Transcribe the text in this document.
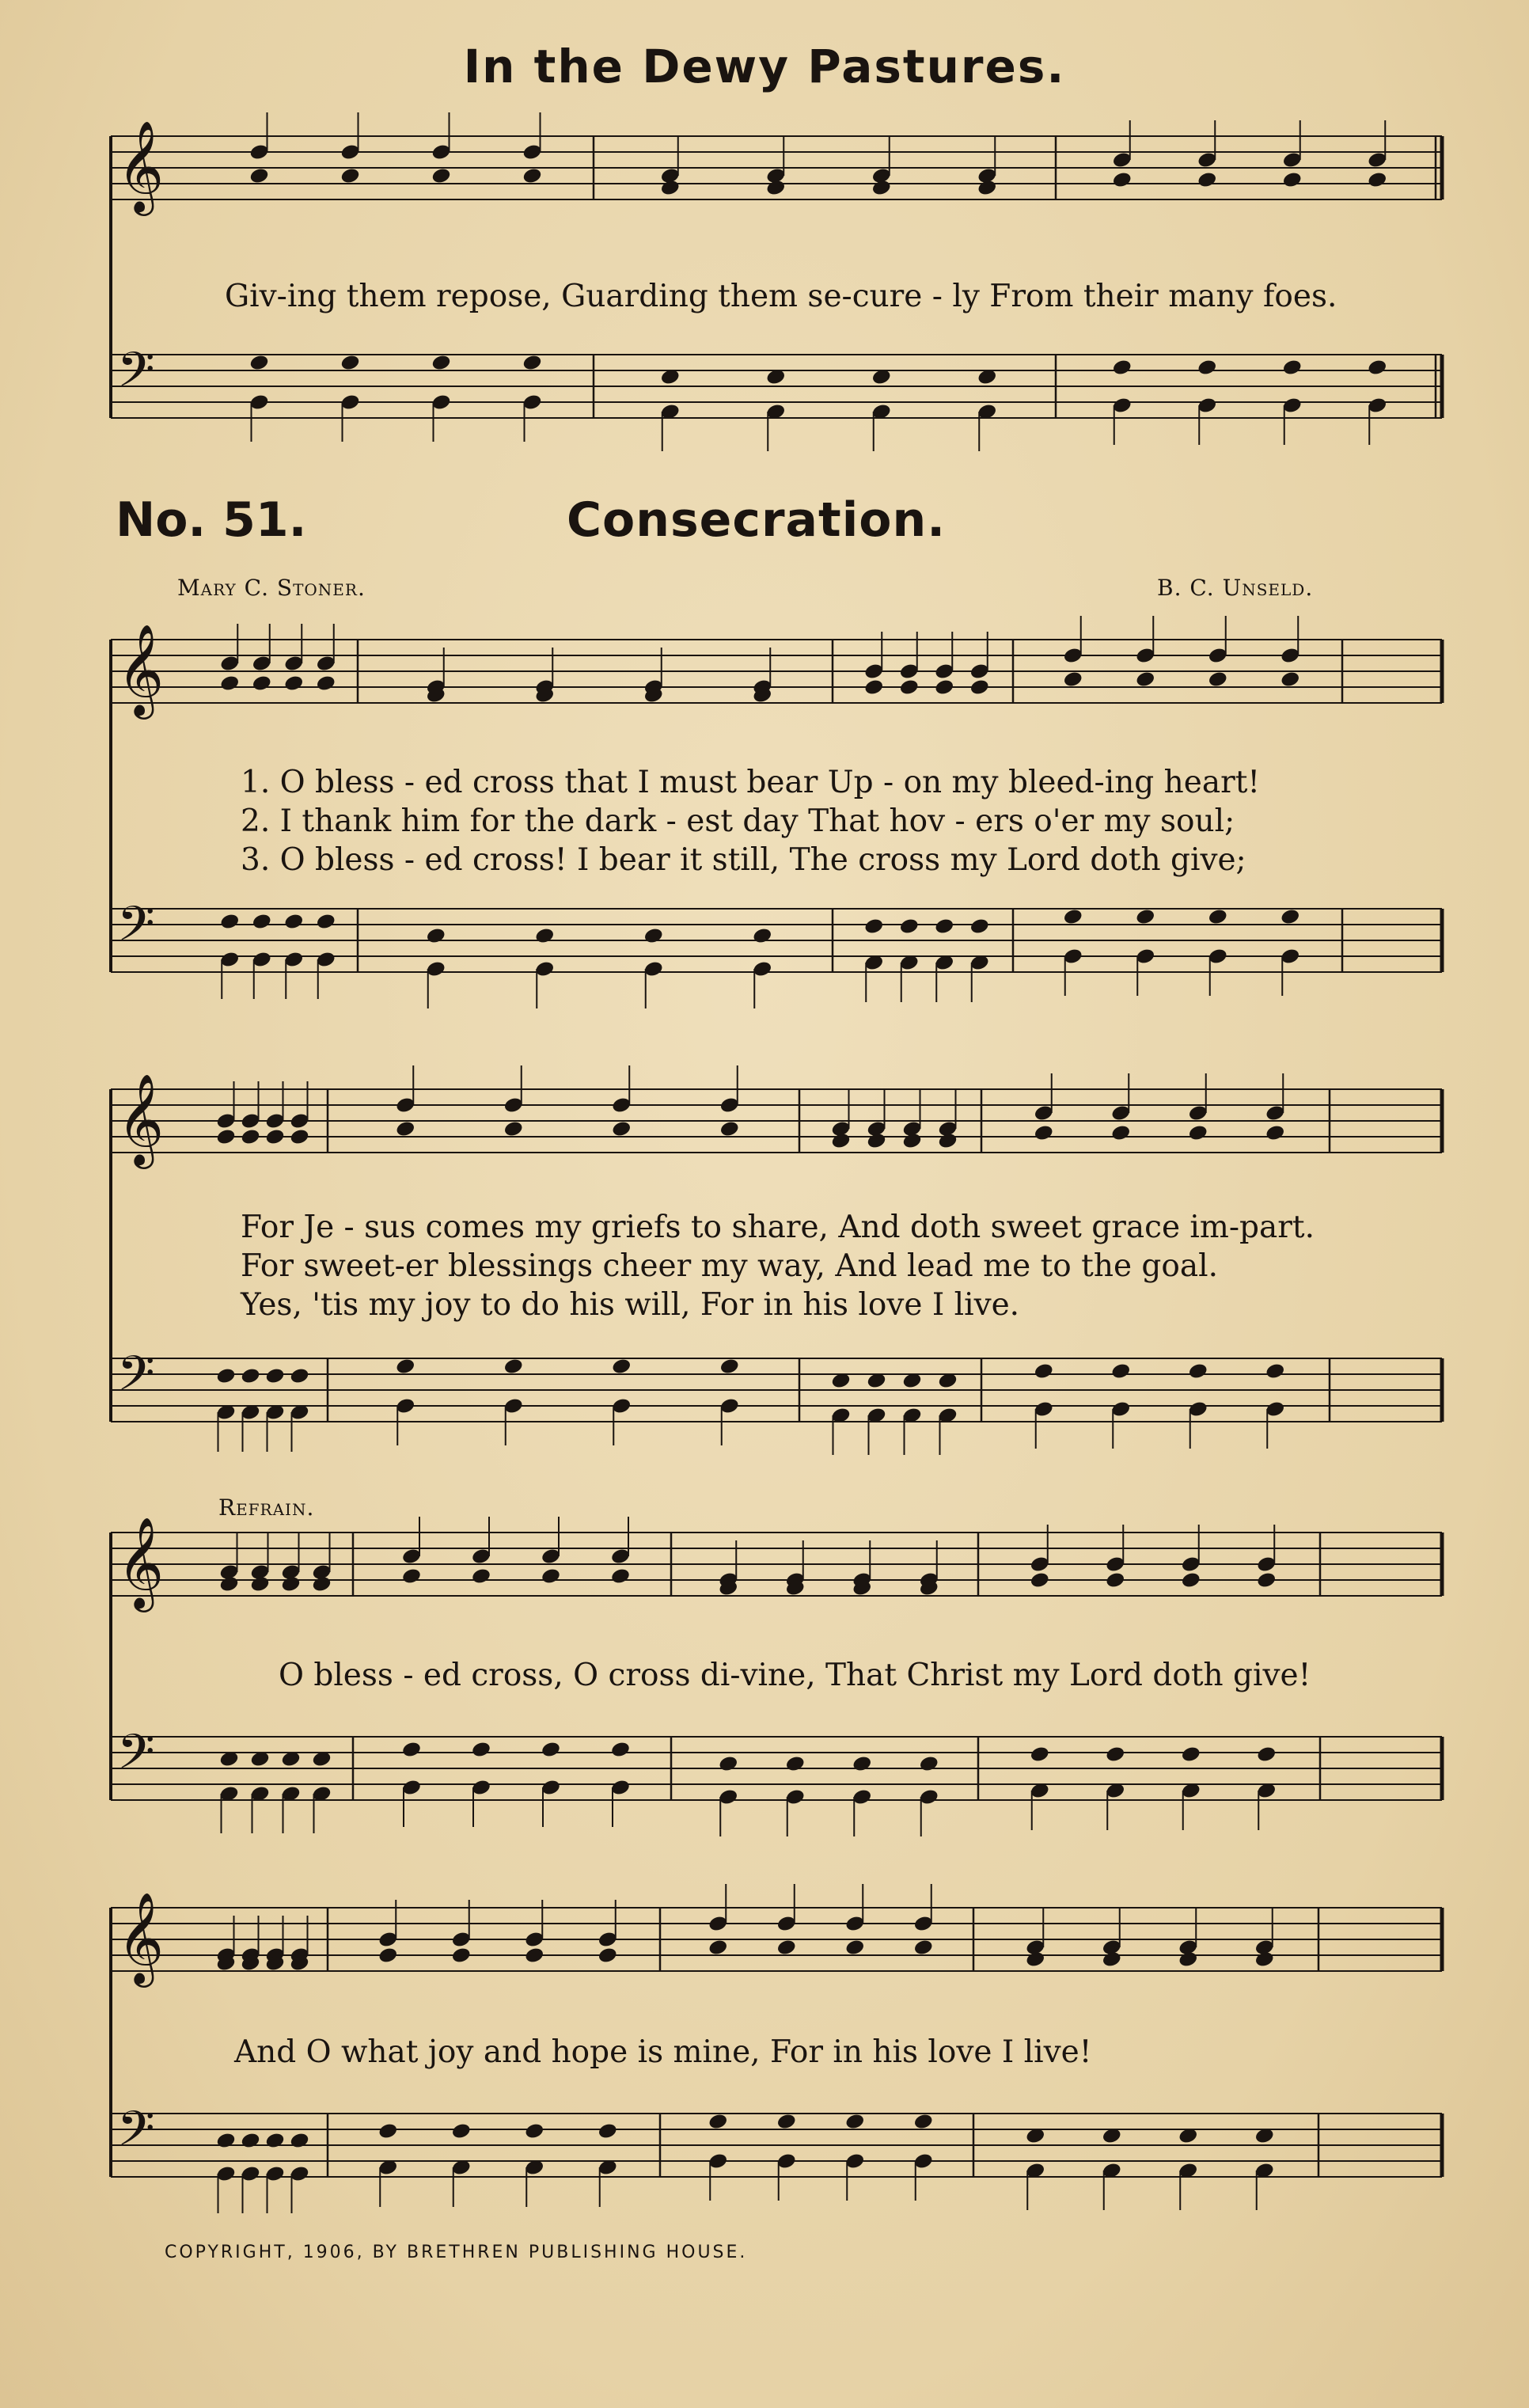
In the Dewy Pastures.
𝄞
𝄢
𝄞
𝄢
𝄞
𝄢
𝄞
𝄢
𝄞
𝄢
Giv-ing them repose, Guarding them se-cure - ly From their many foes.
No. 51.	Consecration.
Mary C. Stoner.	B. C. Unseld.
1. O bless - ed cross that I must bear Up - on my bleed-ing heart!
2. I thank him for the dark - est day That hov - ers o'er my soul;
3. O bless - ed cross! I bear it still, The cross my Lord doth give;
For Je - sus comes my griefs to share, And doth sweet grace im-part.
For sweet-er blessings cheer my way, And lead me to the goal.
Yes, 'tis my joy to do his will, For in his love I live.
Refrain.
O bless - ed cross, O cross di-vine, That Christ my Lord doth give!
And O what joy and hope is mine, For in his love I live!
COPYRIGHT, 1906, BY BRETHREN PUBLISHING HOUSE.
